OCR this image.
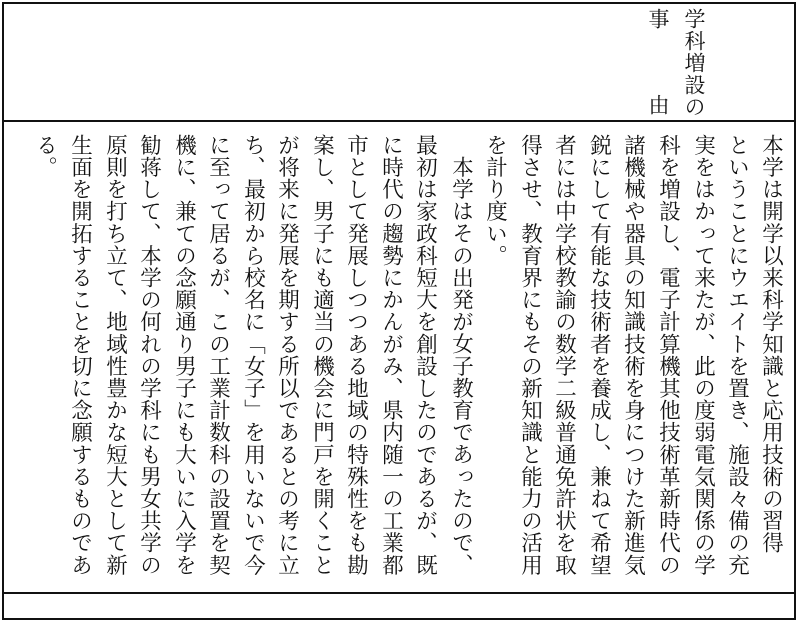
学科増設の
事　由
本学は開学以来科学知識と応用技術の習得
ということにウエイトを置き、施設々備の充
実をはかって来たが、此の度弱電気関係の学
科を増設し、電子計算機其他技術革新時代の
諸機械や器具の知識技術を身につけた新進気
鋭にして有能な技術者を養成し、兼ねて希望
者には中学校教諭の数学二級普通免許状を取
得させ、教育界にもその新知識と能力の活用
を計り度い。
本学はその出発が女子教育であったので、
最初は家政科短大を創設したのであるが、既
に時代の趨勢にかんがみ、県内随一の工業都
市として発展しつつある地域の特殊性をも勘
案し、男子にも適当の機会に門戸を開くこと
が将来に発展を期する所以であるとの考に立
ち、最初から校名に「女子」を用いないで今
に至って居るが、この工業計数科の設置を契
機に、兼ての念願通り男子にも大いに入学を
勧蒋して、本学の何れの学科にも男女共学の
原則を打ち立て、地域性豊かな短大として新
生面を開拓することを切に念願するものであ
る。
